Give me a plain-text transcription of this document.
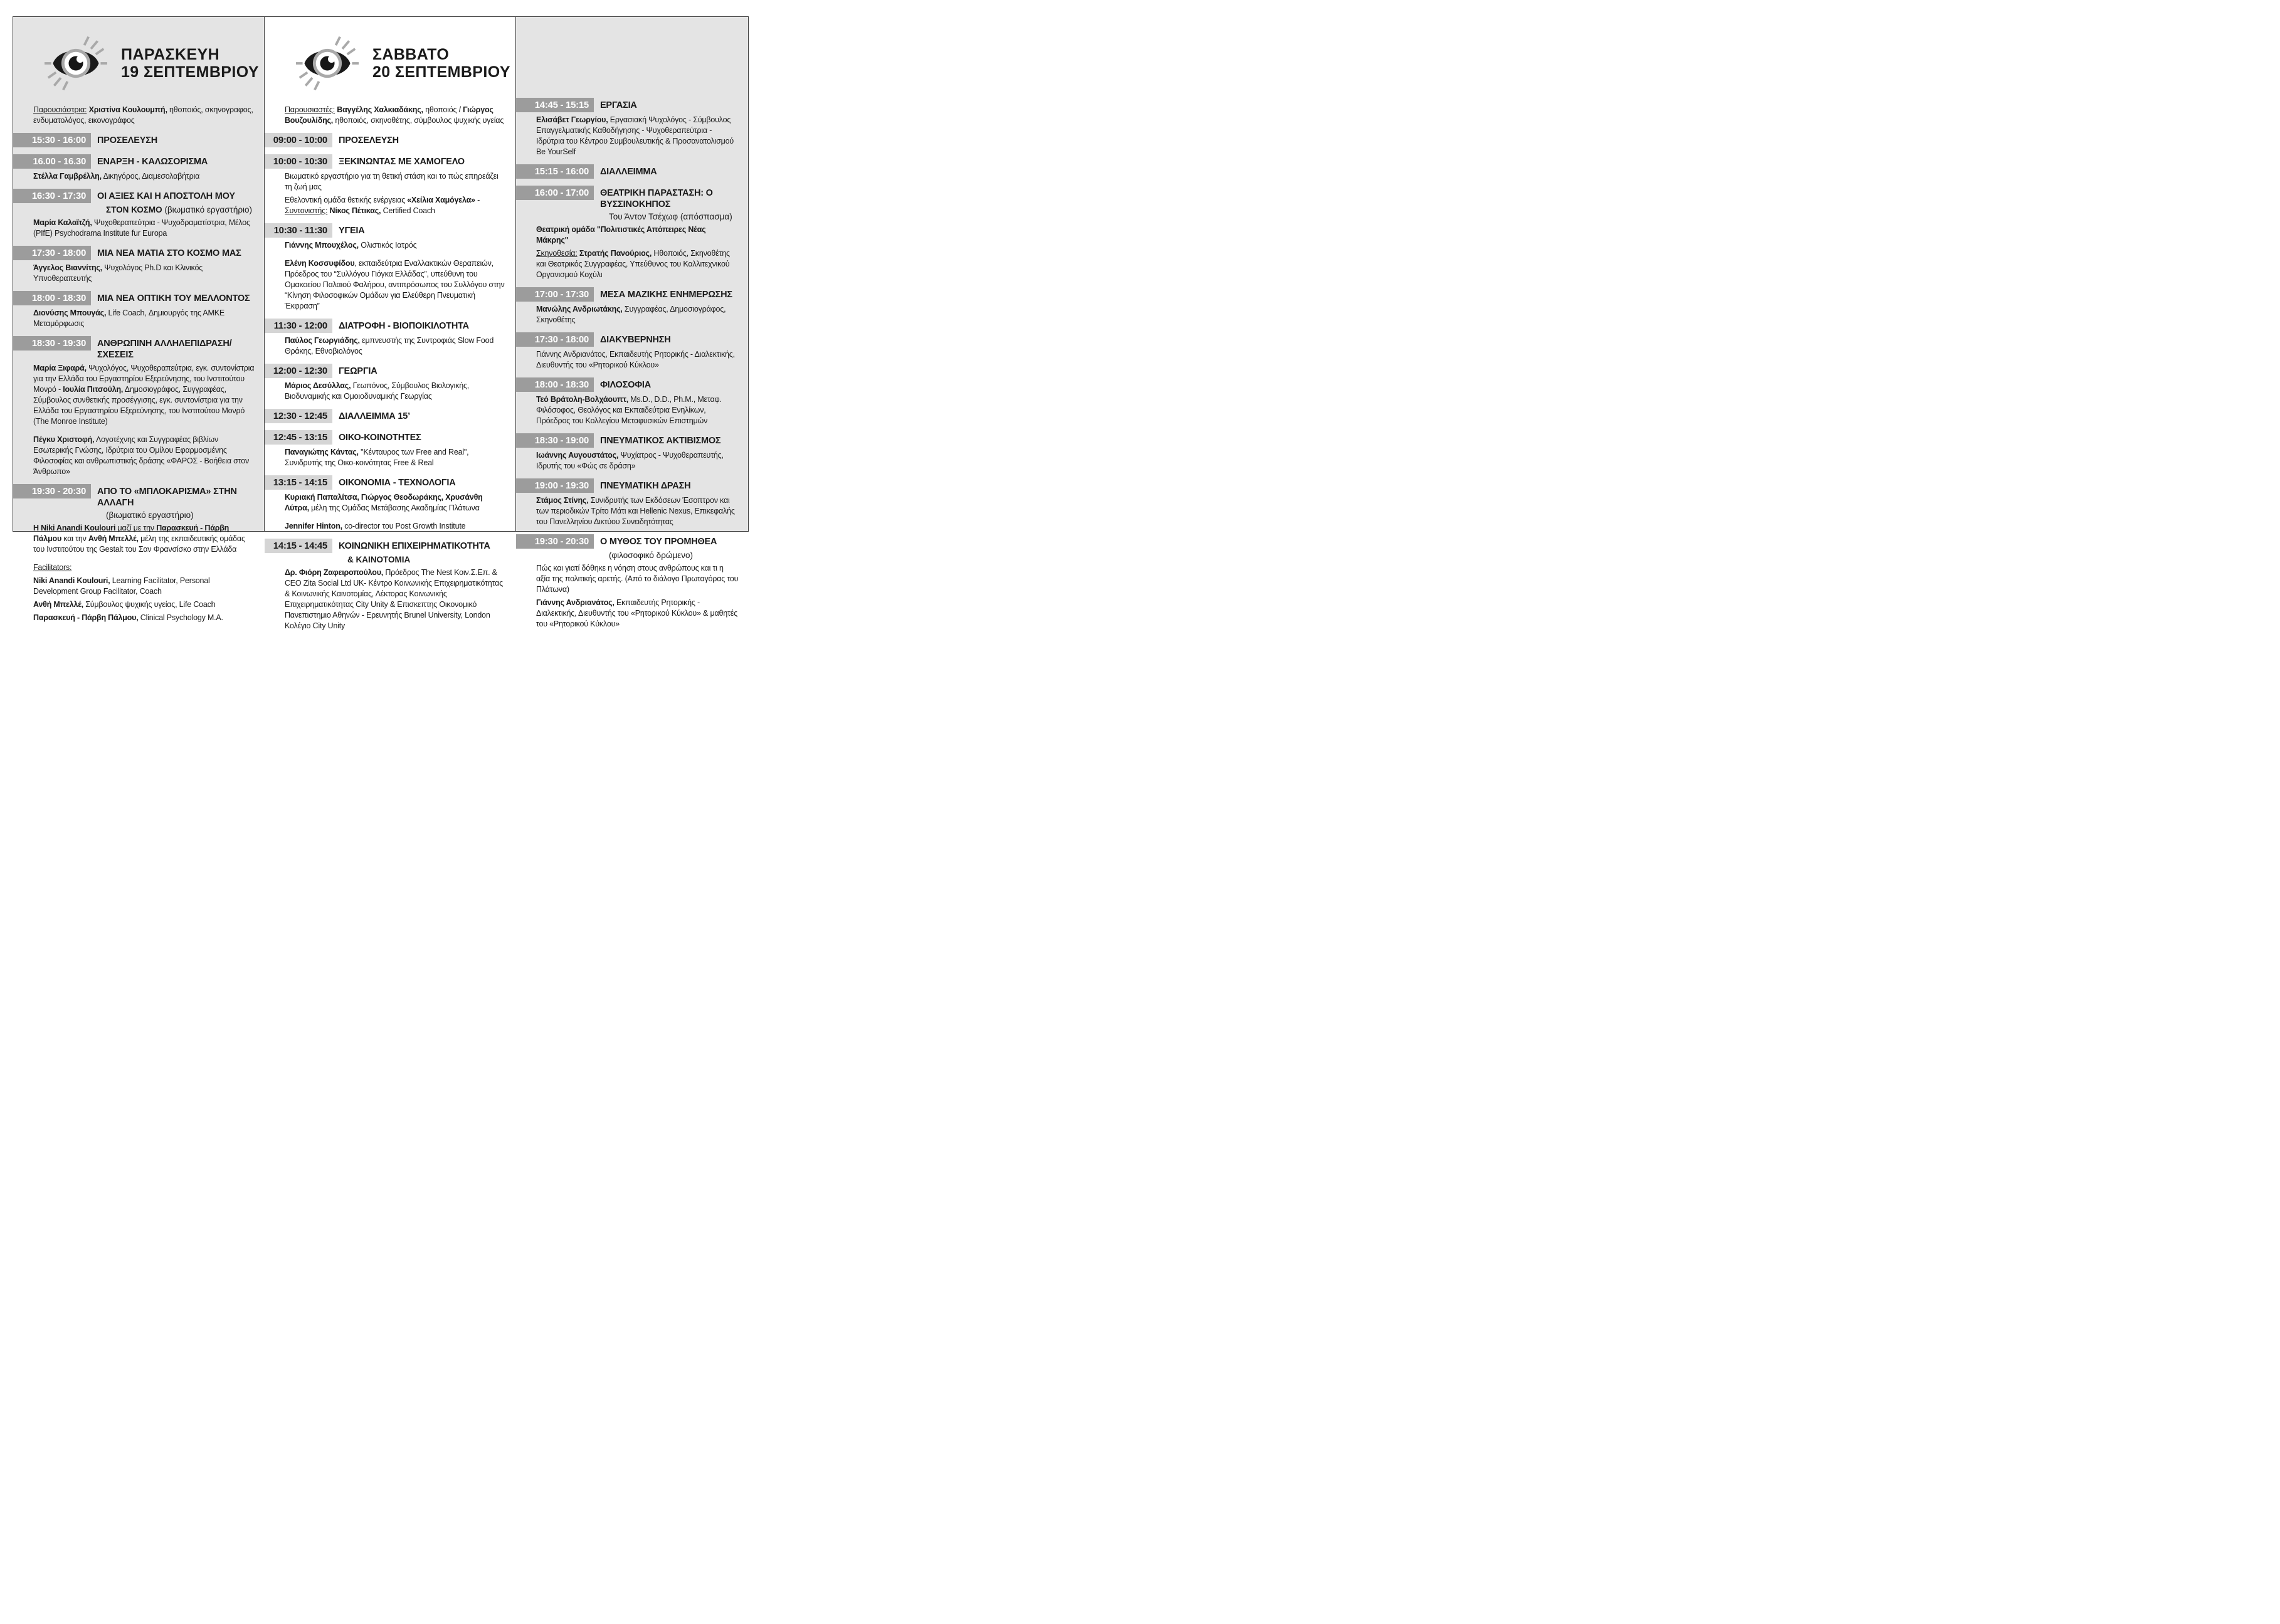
ΠΑΡΑΣΚΕΥΗ
19 ΣΕΠΤΕΜΒΡΙΟΥ
Παρουσιάστρια: Χριστίνα Κουλουμπή, ηθοποιός, σκηνογραφος, ενδυματολόγος, εικονογράφος
15:30 - 16:00	ΠΡΟΣΕΛΕΥΣΗ
16.00 - 16.30	ΕΝΑΡΞΗ - ΚΑΛΩΣΟΡΙΣΜΑ
Στέλλα Γαμβρέλλη, Δικηγόρος, Διαμεσολαβήτρια
16:30 - 17:30	ΟΙ ΑΞΙΕΣ ΚΑΙ Η ΑΠΟΣΤΟΛΗ ΜΟΥ
ΣΤΟΝ ΚΟΣΜΟ (βιωματικό εργαστήριο)
Μαρία Καλαϊτζή, Ψυχοθεραπεύτρια - Ψυχοδραματίστρια, Μέλος (PIfE) Psychodrama Institute fur Europa
17:30 - 18:00	ΜΙΑ ΝΕΑ ΜΑΤΙΑ ΣΤΟ ΚΟΣΜΟ ΜΑΣ
Άγγελος Βιαννίτης, Ψυχολόγος Ph.D και Κλινικός Υπνοθεραπευτής
18:00 - 18:30	ΜΙΑ ΝΕΑ ΟΠΤΙΚΗ ΤΟΥ ΜΕΛΛΟΝΤΟΣ
Διονύσης Μπουγάς, Life Coach, Δημιουργός της ΑΜΚΕ Μεταμόρφωσις
18:30 - 19:30	ΑΝΘΡΩΠΙΝΗ ΑΛΛΗΛΕΠΙΔΡΑΣΗ/ ΣΧΕΣΕΙΣ
Μαρία Ξιφαρά, Ψυχολόγος, Ψυχοθεραπεύτρια, εγκ. συντονίστρια για την Ελλάδα του Εργαστηρίου Εξερεύνησης, του Ινστιτούτου Μονρό - Ιουλία Πιτσούλη, Δημοσιογράφος, Συγγραφέας, Σύμβουλος συνθετικής προσέγγισης, εγκ. συντονίστρια για την Ελλάδα του Εργαστηρίου Εξερεύνησης, του Ινστιτούτου Μονρό (The Monroe Institute)
Πέγκυ Χριστοφή, Λογοτέχνης και Συγγραφέας βιβλίων Εσωτερικής Γνώσης, Ιδρύτρια του Ομίλου Εφαρμοσμένης Φιλοσοφίας και ανθρωπιστικής δράσης «ΦΑΡΟΣ - Βοήθεια στον Άνθρωπο»
19:30 - 20:30	ΑΠΟ ΤΟ «ΜΠΛΟΚΑΡΙΣΜΑ» ΣΤΗΝ ΑΛΛΑΓΗ
(βιωματικό εργαστήριο)
Η Niki Anandi Koulouri μαζί με την Παρασκευή - Πάρβη Πάλμου και την Ανθή Μπελλέ, μέλη της εκπαιδευτικής ομάδας του Ινστιτούτου της Gestalt του Σαν Φρανσίσκο στην Ελλάδα
Facilitators:
Niki Anandi Koulouri, Learning Facilitator, Personal Development Group Facilitator, Coach
Ανθή Μπελλέ, Σύμβουλος ψυχικής υγείας, Life Coach
Παρασκευή - Πάρβη Πάλμου, Clinical Psychology M.A.
ΣΑΒΒΑΤΟ
20 ΣΕΠΤΕΜΒΡΙΟΥ
Παρουσιαστές: Βαγγέλης Χαλκιαδάκης, ηθοποιός / Γιώργος Βουζουλίδης, ηθοποιός, σκηνοθέτης, σύμβουλος ψυχικής υγείας
09:00 - 10:00	ΠΡΟΣΕΛΕΥΣΗ
10:00 - 10:30	ΞΕΚΙΝΩΝΤΑΣ ΜΕ ΧΑΜΟΓΕΛΟ
Βιωματικό εργαστήριο για τη θετική στάση και το πώς επηρεάζει τη ζωή μας
Εθελοντική ομάδα θετικής ενέργειας «Χείλια Χαμόγελα» - Συντονιστής: Νίκος Πέτικας, Certified Coach
10:30 - 11:30	ΥΓΕΙΑ
Γιάννης Μπουχέλος, Ολιστικός Ιατρός
Ελένη Κοσσυφίδου, εκπαιδεύτρια Εναλλακτικών Θεραπειών, Πρόεδρος του “Συλλόγου Γιόγκα Ελλάδας”, υπεύθυνη του Ομακοείου Παλαιού Φαλήρου, αντιπρόσωπος του Συλλόγου στην “Κίνηση Φιλοσοφικών Ομάδων για Ελεύθερη Πνευματική Έκφραση”
11:30 - 12:00	ΔΙΑΤΡΟΦΗ - ΒΙΟΠΟΙΚΙΛΟΤΗΤΑ
Παύλος Γεωργιάδης, εμπνευστής της Συντροφιάς Slow Food Θράκης, Εθνοβιολόγος
12:00 - 12:30	ΓΕΩΡΓΙΑ
Μάριος Δεσύλλας, Γεωπόνος, Σύμβουλος Βιολογικής, Βιοδυναμικής και Ομοιοδυναμικής Γεωργίας
12:30 - 12:45	ΔΙΑΛΛΕΙΜΜΑ 15’
12:45 - 13:15	ΟΙΚΟ-ΚΟΙΝΟΤΗΤΕΣ
Παναγιώτης Κάντας, "Κένταυρος των Free and Real", Συνιδρυτής της Οικο-κοινότητας Free & Real
13:15 - 14:15	ΟΙΚΟΝΟΜΙΑ - ΤΕΧΝΟΛΟΓΙΑ
Κυριακή Παπαλίτσα, Γιώργος Θεοδωράκης, Χρυσάνθη Λύτρα, μέλη της Ομάδας Μετάβασης Ακαδημίας Πλάτωνα
Jennifer Hinton, co-director του Post Growth Institute
14:15 - 14:45	ΚΟΙΝΩΝΙΚΗ ΕΠΙΧΕΙΡΗΜΑΤΙΚΟΤΗΤΑ
& ΚΑΙΝΟΤΟΜΙΑ
Δρ. Φιόρη Ζαφειροπούλου, Πρόεδρος The Nest Κοιν.Σ.Επ. & CEO Zita Social Ltd UK- Κέντρο Κοινωνικής Επιχειρηματικότητας & Κοινωνικής Καινοτομίας, Λέκτορας Κοινωνικής Επιχειρηματικότητας City Unity & Επισκεπτης Οικονομικό Πανεπιστημιο Αθηνών - Ερευνητής Brunel University, London Κολέγιο City Unity
14:45 - 15:15	ΕΡΓΑΣΙΑ
Ελισάβετ Γεωργίου, Εργασιακή Ψυχολόγος - Σύμβουλος Επαγγελματικής Καθοδήγησης - Ψυχοθεραπεύτρια - Ιδρύτρια του Κέντρου Συμβουλευτικής & Προσανατολισμού Be YourSelf
15:15 - 16:00	ΔΙΑΛΛΕΙΜΜΑ
16:00 - 17:00	ΘΕΑΤΡΙΚΗ ΠΑΡΑΣΤΑΣΗ: Ο ΒΥΣΣΙΝΟΚΗΠΟΣ
Του Άντον Τσέχωφ (απόσπασμα)
Θεατρική ομάδα "Πολιτιστικές Απόπειρες Νέας Μάκρης"
Σκηνοθεσία: Στρατής Πανούριος, Ηθοποιός, Σκηνοθέτης και Θεατρικός Συγγραφέας, Υπεύθυνος του Καλλιτεχνικού Οργανισμού Κοχύλι
17:00 - 17:30	ΜΕΣΑ ΜΑΖΙΚΗΣ ΕΝΗΜΕΡΩΣΗΣ
Μανώλης Ανδριωτάκης, Συγγραφέας, Δημοσιογράφος, Σκηνοθέτης
17:30 - 18:00	ΔΙΑΚΥΒΕΡΝΗΣΗ
Γιάννης Ανδριανάτος, Εκπαιδευτής Ρητορικής - Διαλεκτικής, Διευθυντής του «Ρητορικού Κύκλου»
18:00 - 18:30	ΦΙΛΟΣΟΦΙΑ
Τεό Βράτολη-Βολχάουπτ, Ms.D., D.D., Ph.M., Μεταφ. Φιλόσοφος, Θεολόγος και Εκπαιδεύτρια Ενηλίκων, Πρόεδρος του Κολλεγίου Μεταφυσικών Επιστημών
18:30 - 19:00	ΠΝΕΥΜΑΤΙΚΟΣ ΑΚΤΙΒΙΣΜΟΣ
Ιωάννης Αυγουστάτος, Ψυχίατρος - Ψυχοθεραπευτής, Ιδρυτής του «Φώς σε δράση»
19:00 - 19:30	ΠΝΕΥΜΑΤΙΚΗ ΔΡΑΣΗ
Στάμος Στίνης, Συνιδρυτής των Εκδόσεων Έσοπτρον και των περιοδικών Τρίτο Μάτι και Hellenic Nexus, Επικεφαλής του Πανελληνίου Δικτύου Συνειδητότητας
19:30 - 20:30	Ο ΜΥΘΟΣ ΤΟΥ ΠΡΟΜΗΘΕΑ
(φιλοσοφικό δρώμενο)
Πώς και γιατί δόθηκε η νόηση στους ανθρώπους και τι η αξία της πολιτικής αρετής. (Από το διάλογο Πρωταγόρας του Πλάτωνα)
Γιάννης Ανδριανάτος, Εκπαιδευτής Ρητορικής - Διαλεκτικής, Διευθυντής του «Ρητορικού Κύκλου» & μαθητές του «Ρητορικού Κύκλου»
